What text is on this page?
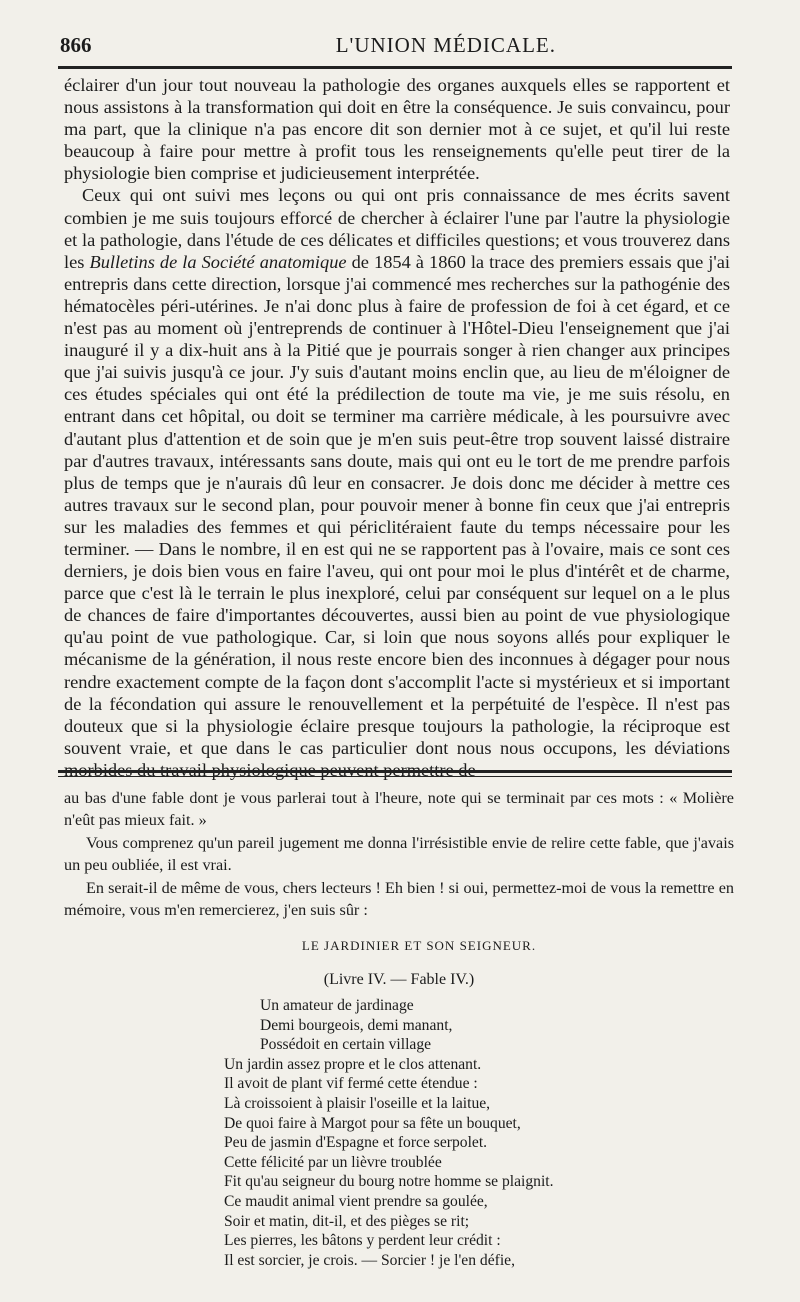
866	L'UNION MÉDICALE.

éclairer d'un jour tout nouveau la pathologie des organes auxquels elles se rapportent et nous assistons à la transformation qui doit en être la conséquence. Je suis convaincu, pour ma part, que la clinique n'a pas encore dit son dernier mot à ce sujet, et qu'il lui reste beaucoup à faire pour mettre à profit tous les renseignements qu'elle peut tirer de la physiologie bien comprise et judicieusement interprétée.

Ceux qui ont suivi mes leçons ou qui ont pris connaissance de mes écrits savent combien je me suis toujours efforcé de chercher à éclairer l'une par l'autre la physiologie et la pathologie, dans l'étude de ces délicates et difficiles questions; et vous trouverez dans les Bulletins de la Société anatomique de 1854 à 1860 la trace des premiers essais que j'ai entrepris dans cette direction, lorsque j'ai commencé mes recherches sur la pathogénie des hématocèles péri-utérines. Je n'ai donc plus à faire de profession de foi à cet égard, et ce n'est pas au moment où j'entreprends de continuer à l'Hôtel-Dieu l'enseignement que j'ai inauguré il y a dix-huit ans à la Pitié que je pourrais songer à rien changer aux principes que j'ai suivis jusqu'à ce jour. J'y suis d'autant moins enclin que, au lieu de m'éloigner de ces études spéciales qui ont été la prédilection de toute ma vie, je me suis résolu, en entrant dans cet hôpital, ou doit se terminer ma carrière médicale, à les poursuivre avec d'autant plus d'attention et de soin que je m'en suis peut-être trop souvent laissé distraire par d'autres travaux, intéressants sans doute, mais qui ont eu le tort de me prendre parfois plus de temps que je n'aurais dû leur en consacrer. Je dois donc me décider à mettre ces autres travaux sur le second plan, pour pouvoir mener à bonne fin ceux que j'ai entrepris sur les maladies des femmes et qui périclitéraient faute du temps nécessaire pour les terminer. — Dans le nombre, il en est qui ne se rapportent pas à l'ovaire, mais ce sont ces derniers, je dois bien vous en faire l'aveu, qui ont pour moi le plus d'intérêt et de charme, parce que c'est là le terrain le plus inexploré, celui par conséquent sur lequel on a le plus de chances de faire d'importantes découvertes, aussi bien au point de vue physiologique qu'au point de vue pathologique. Car, si loin que nous soyons allés pour expliquer le mécanisme de la génération, il nous reste encore bien des inconnues à dégager pour nous rendre exactement compte de la façon dont s'accomplit l'acte si mystérieux et si important de la fécondation qui assure le renouvellement et la perpétuité de l'espèce. Il n'est pas douteux que si la physiologie éclaire presque toujours la pathologie, la réciproque est souvent vraie, et que dans le cas particulier dont nous nous occupons, les déviations

au bas d'une fable dont je vous parlerai tout à l'heure, note qui se terminait par ces mots : « Molière n'eût pas mieux fait. »

Vous comprenez qu'un pareil jugement me donna l'irrésistible envie de relire cette fable, que j'avais un peu oubliée, il est vrai.

En serait-il de même de vous, chers lecteurs ! Eh bien ! si oui, permettez-moi de vous la remettre en mémoire, vous m'en remercierez, j'en suis sûr :

LE JARDINIER ET SON SEIGNEUR.
(Livre IV. — Fable IV.)
Un amateur de jardinage
Demi bourgeois, demi manant,
Possédoit en certain village
Un jardin assez propre et le clos attenant.
Il avoit de plant vif fermé cette étendue :
Là croissoient à plaisir l'oseille et la laitue,
De quoi faire à Margot pour sa fête un bouquet,
Peu de jasmin d'Espagne et force serpolet.
Cette félicité par un lièvre troublée
Fit qu'au seigneur du bourg notre homme se plaignit.
Ce maudit animal vient prendre sa goulée,
Soir et matin, dit-il, et des pièges se rit;
Les pierres, les bâtons y perdent leur crédit :
Il est sorcier, je crois. — Sorcier ! je l'en défie,
